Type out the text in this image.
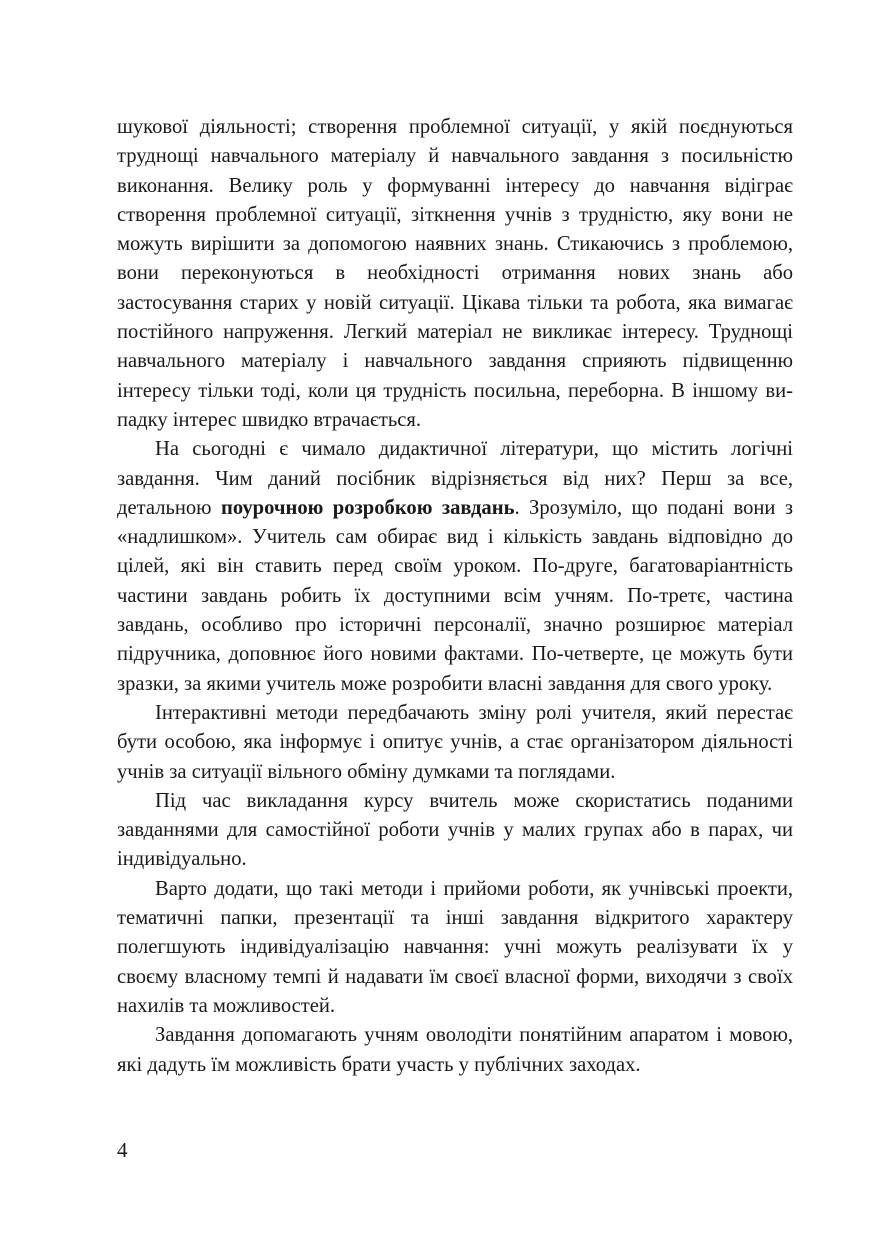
шукової діяльності; створення проблемної ситуації, у якій поєднуються труднощі навчального матеріалу й навчального завдання з посильністю виконання. Велику роль у формуванні інтересу до навчання відіграє створення проблемної ситуації, зіткнення учнів з трудністю, яку вони не можуть вирішити за допомогою наявних знань. Стикаючись з проблемою, вони переконуються в необхідності отримання нових знань або застосування старих у новій ситуації. Цікава тільки та робота, яка вимагає постійного напруження. Легкий матеріал не викликає інтересу. Труднощі навчального матеріалу і навчального завдання сприяють підвищенню інтересу тільки тоді, коли ця трудність посильна, переборна. В іншому випадку інтерес швидко втрачається.

На сьогодні є чимало дидактичної літератури, що містить логічні завдання. Чим даний посібник відрізняється від них? Перш за все, детальною поурочною розробкою завдань. Зрозуміло, що подані вони з «надлишком». Учитель сам обирає вид і кількість завдань відповідно до цілей, які він ставить перед своїм уроком. По-друге, багатоваріантність частини завдань робить їх доступними всім учням. По-третє, частина завдань, особливо про історичні персоналії, значно розширює матеріал підручника, доповнює його новими фактами. По-четверте, це можуть бути зразки, за якими учитель може розробити власні завдання для свого уроку.

Інтерактивні методи передбачають зміну ролі учителя, який перестає бути особою, яка інформує і опитує учнів, а стає організатором діяльності учнів за ситуації вільного обміну думками та поглядами.

Під час викладання курсу вчитель може скористатись поданими завданнями для самостійної роботи учнів у малих групах або в парах, чи індивідуально.

Варто додати, що такі методи і прийоми роботи, як учнівські проекти, тематичні папки, презентації та інші завдання відкритого характеру полегшують індивідуалізацію навчання: учні можуть реалізувати їх у своєму власному темпі й надавати їм своєї власної форми, виходячи з своїх нахилів та можливостей.

Завдання допомагають учням оволодіти понятійним апаратом і мовою, які дадуть їм можливість брати участь у публічних заходах.

4
